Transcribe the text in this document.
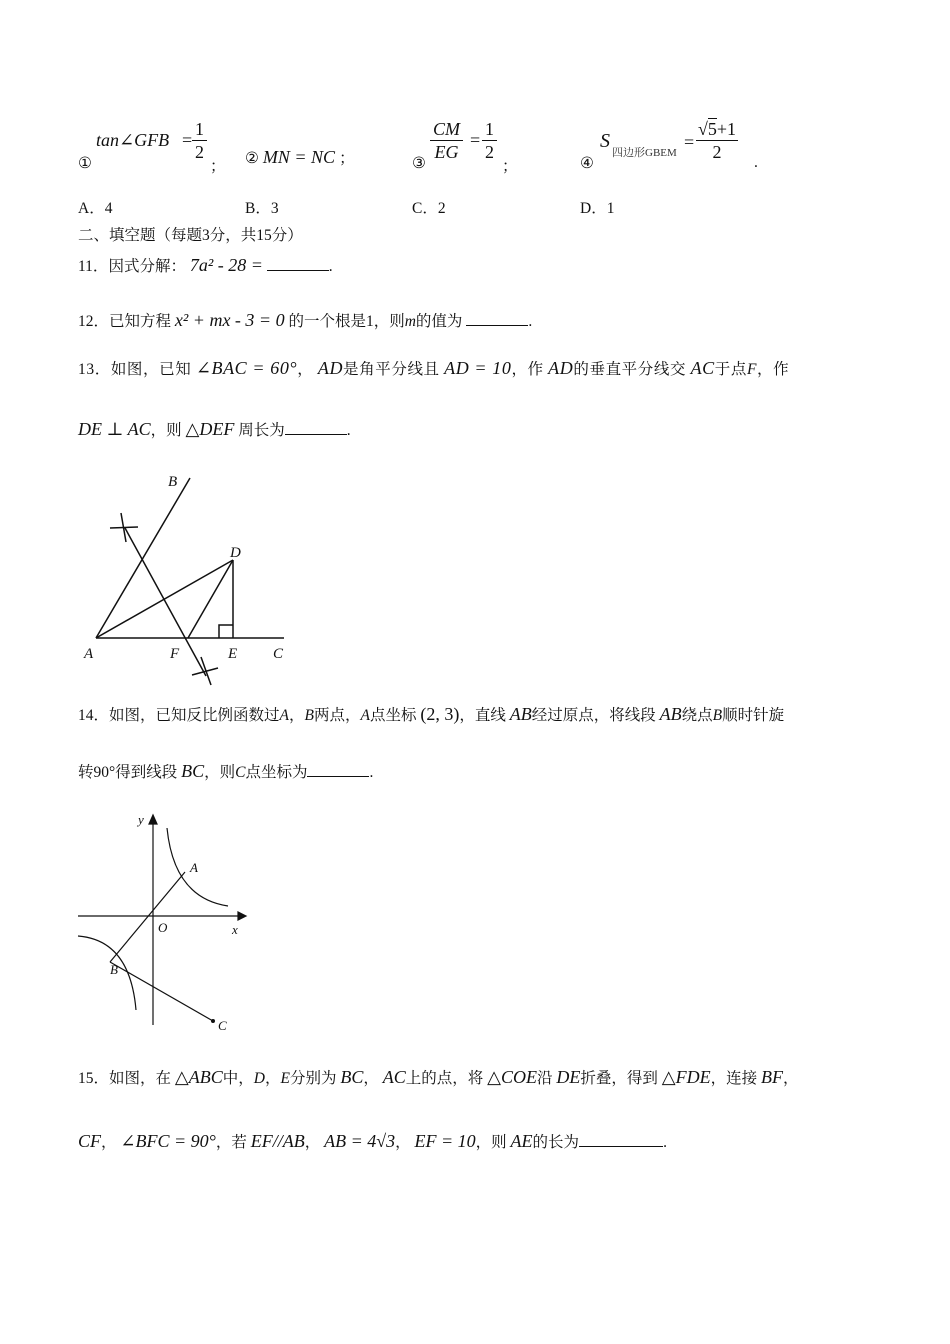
①
tan∠GFB = $\frac{1}{2}$
； ② MN = NC ；	③
$\frac{CM}{EG} = \frac{1}{2}$
；	④
S
四边形GBEM
= $\frac{√5+1}{2}$ .
A．4	B．3	C．2	D．1
二、填空题（每题3分，共15分）
11．因式分解： 7a² - 28 =	.
12．已知方程 x² + mx - 3 = 0 的一个根是1，则m的值为	.
13．如图，已知 ∠BAC = 60°， AD是角平分线且 AD = 10，作 AD的垂直平分线交 AC于点F，作
DE ⊥ AC，则 △DEF 周长为	.
B
D
A	F	E C
14．如图，已知反比例函数过A，B两点，A点坐标 (2, 3)，直线 AB经过原点，将线段 AB绕点B顺时针旋
转90°得到线段 BC，则C点坐标为	.
y
A
O	x
B
C
15．如图，在 △ABC中，D，E分别为 BC， AC上的点，将 △COE沿 DE折叠，得到 △FDE，连接 BF，
CF， ∠BFC = 90°，若 EF//AB， AB = 4√3， EF = 10，则 AE的长为	.
